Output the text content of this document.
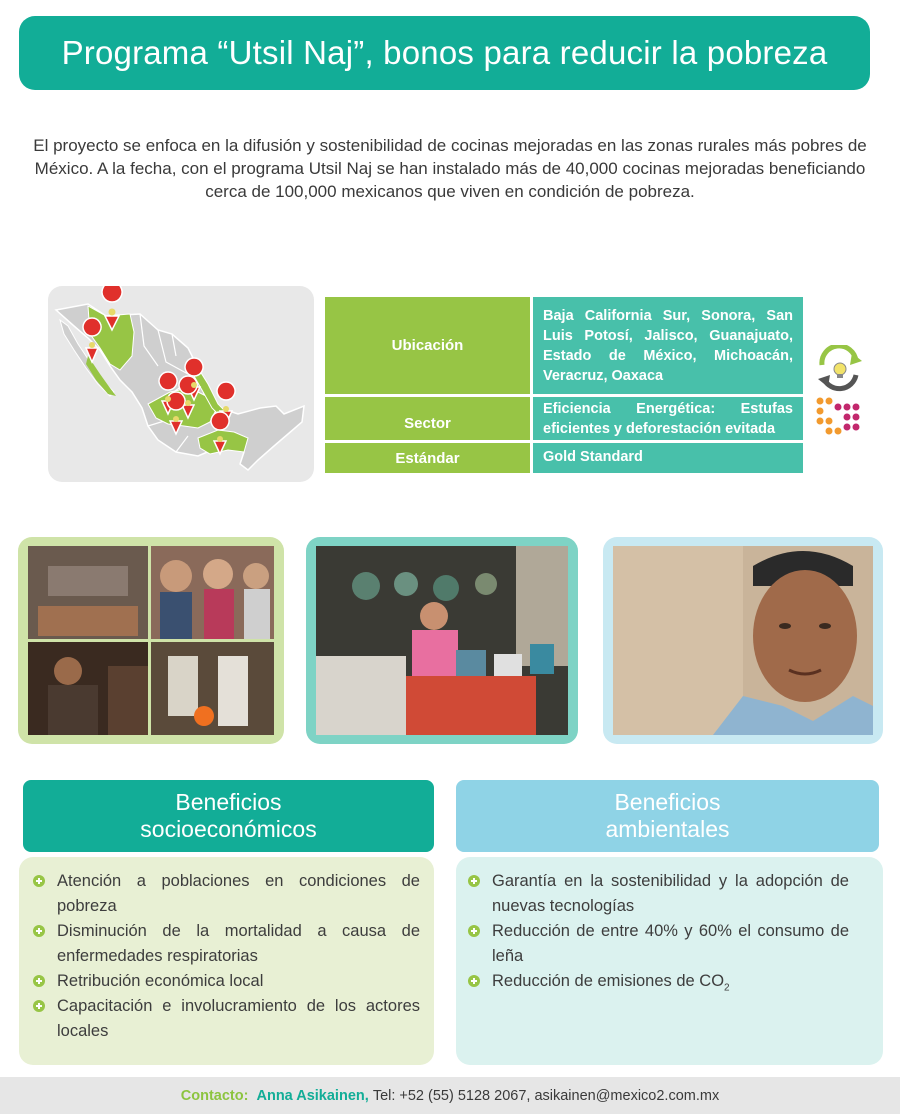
Programa “Utsil Naj”, bonos para reducir la pobreza
El proyecto se enfoca en la difusión y sostenibilidad de cocinas mejoradas en las zonas rurales más pobres de México. A la fecha, con el programa Utsil Naj se han instalado más de 40,000 cocinas mejoradas beneficiando cerca de 100,000 mexicanos que viven en condición de pobreza.
Ubicación
Baja California Sur, Sonora, San Luis Potosí, Jalisco, Guanajuato, Estado de México, Michoacán, Veracruz, Oaxaca
Sector
Eficiencia Energética: Estufas eficientes y deforestación evitada
Estándar	Gold Standard
Beneficios
socioeconómicos
Beneficios
ambientales
Atención a poblaciones en condiciones de pobreza
Disminución de la mortalidad a causa de enfermedades respiratorias
Retribución económica local
Capacitación e involucramiento de los actores locales
Garantía en la sostenibilidad y la adopción de nuevas tecnologías
Reducción de entre 40% y 60% el consumo de leña
Reducción de emisiones de $CO_2$
Contacto:
Anna Asikainen,
Tel: +52 (55) 5128 2067,
asikainen@mexico2.com.mx
